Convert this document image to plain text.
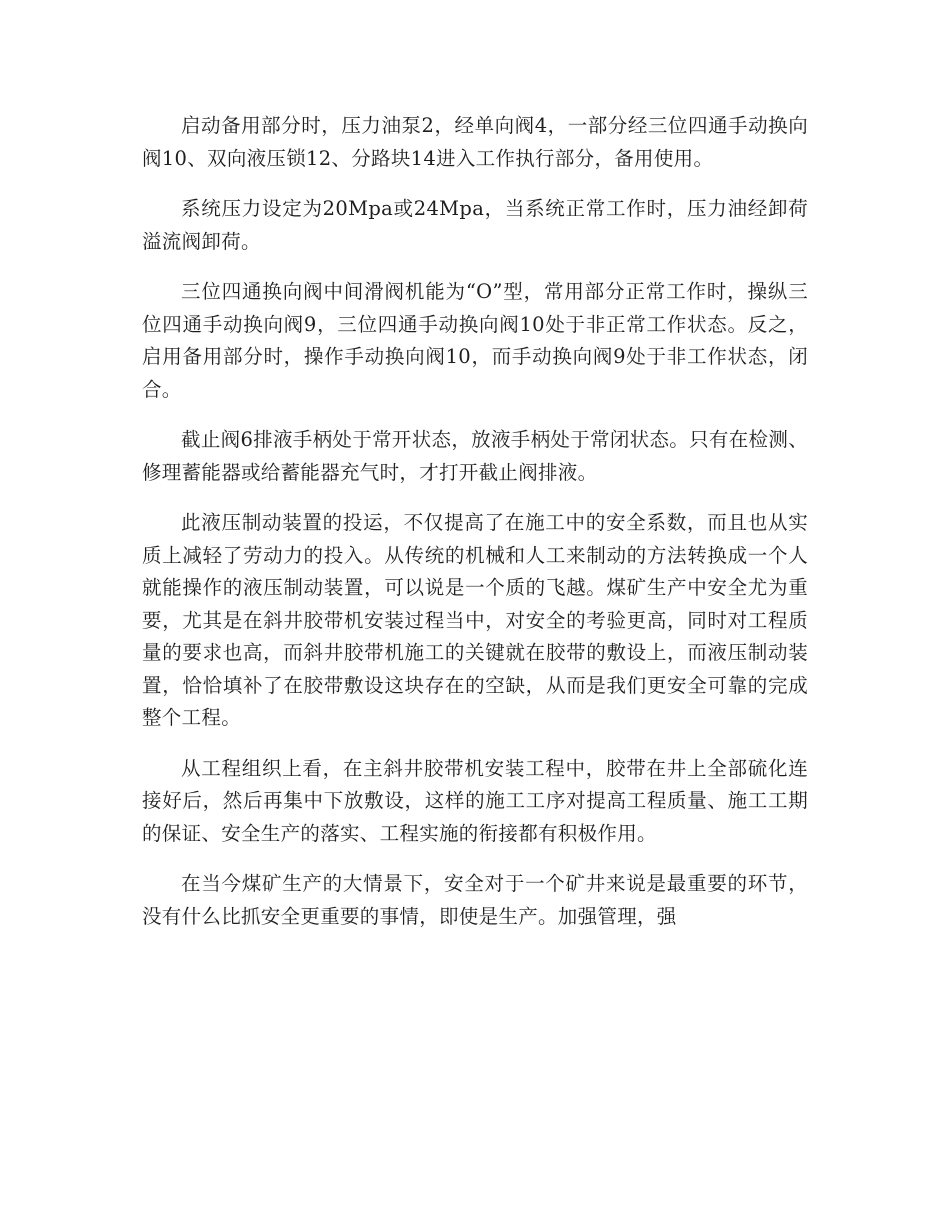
启动备用部分时，压力油泵2，经单向阀4，一部分经三位四通手动换向阀10、双向液压锁12、分路块14进入工作执行部分，备用使用。

系统压力设定为20Mpa或24Mpa，当系统正常工作时，压力油经卸荷溢流阀卸荷。

三位四通换向阀中间滑阀机能为“O”型，常用部分正常工作时，操纵三位四通手动换向阀9，三位四通手动换向阀10处于非正常工作状态。反之，启用备用部分时，操作手动换向阀10，而手动换向阀9处于非工作状态，闭合。

截止阀6排液手柄处于常开状态，放液手柄处于常闭状态。只有在检测、修理蓄能器或给蓄能器充气时，才打开截止阀排液。

此液压制动装置的投运，不仅提高了在施工中的安全系数，而且也从实质上减轻了劳动力的投入。从传统的机械和人工来制动的方法转换成一个人就能操作的液压制动装置，可以说是一个质的飞越。煤矿生产中安全尤为重要，尤其是在斜井胶带机安装过程当中，对安全的考验更高，同时对工程质量的要求也高，而斜井胶带机施工的关键就在胶带的敷设上，而液压制动装置，恰恰填补了在胶带敷设这块存在的空缺，从而是我们更安全可靠的完成整个工程。

从工程组织上看，在主斜井胶带机安装工程中，胶带在井上全部硫化连接好后，然后再集中下放敷设，这样的施工工序对提高工程质量、施工工期的保证、安全生产的落实、工程实施的衔接都有积极作用。

在当今煤矿生产的大情景下，安全对于一个矿井来说是最重要的环节，没有什么比抓安全更重要的事情，即使是生产。加强管理，强
